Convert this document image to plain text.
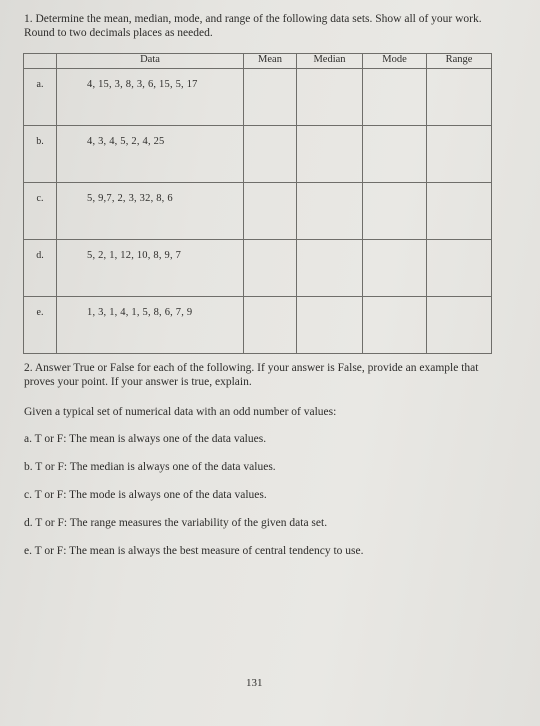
1. Determine the mean, median, mode, and range of the following data sets. Show all of your work. Round to two decimals places as needed.
	Data	Mean	Median	Mode	Range
a.	4, 15, 3, 8, 3, 6, 15, 5, 17				
b.	4, 3, 4, 5, 2, 4, 25				
c.	5, 9,7, 2, 3, 32, 8, 6				
d.	5, 2, 1, 12, 10, 8, 9, 7				
e.	1, 3, 1, 4, 1, 5, 8, 6, 7, 9				
2. Answer True or False for each of the following. If your answer is False, provide an example that proves your point. If your answer is true, explain.
Given a typical set of numerical data with an odd number of values:
a. T or F: The mean is always one of the data values.
b. T or F: The median is always one of the data values.
c. T or F: The mode is always one of the data values.
d. T or F: The range measures the variability of the given data set.
e. T or F: The mean is always the best measure of central tendency to use.
131
